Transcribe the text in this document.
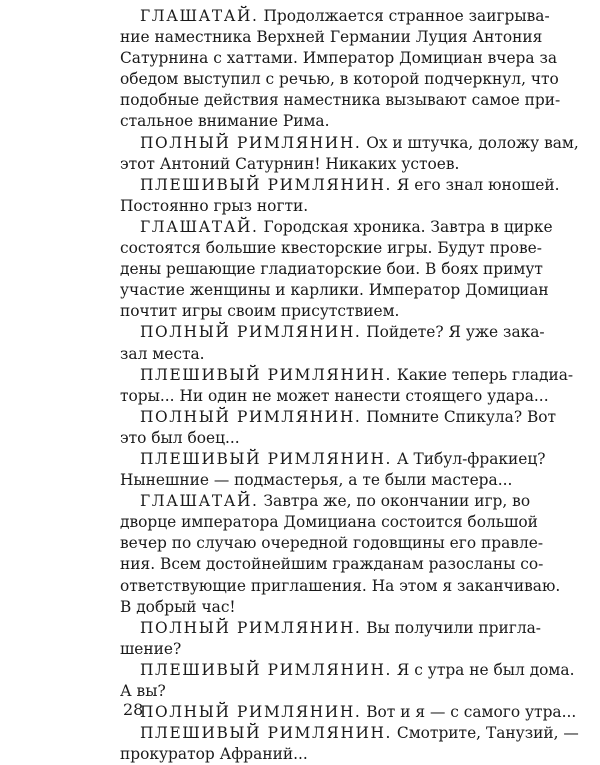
ГЛАШАТАЙ. Продолжается странное заигрыва-
ние наместника Верхней Германии Луция Антония
Сатурнина с хаттами. Император Домициан вчера за
обедом выступил с речью, в которой подчеркнул, что
подобные действия наместника вызывают самое при-
стальное внимание Рима.
ПОЛНЫЙ РИМЛЯНИН. Ох и штучка, доложу вам,
этот Антоний Сатурнин! Никаких устоев.
ПЛЕШИВЫЙ РИМЛЯНИН. Я его знал юношей.
Постоянно грыз ногти.
ГЛАШАТАЙ. Городская хроника. Завтра в цирке
состоятся большие квесторские игры. Будут прове-
дены решающие гладиаторские бои. В боях примут
участие женщины и карлики. Император Домициан
почтит игры своим присутствием.
ПОЛНЫЙ РИМЛЯНИН. Пойдете? Я уже зака-
зал места.
ПЛЕШИВЫЙ РИМЛЯНИН. Какие теперь гладиа-
торы... Ни один не может нанести стоящего удара...
ПОЛНЫЙ РИМЛЯНИН. Помните Спикула? Вот
это был боец...
ПЛЕШИВЫЙ РИМЛЯНИН. А Тибул-фракиец?
Нынешние — подмастерья, а те были мастера...
ГЛАШАТАЙ. Завтра же, по окончании игр, во
дворце императора Домициана состоится большой
вечер по случаю очередной годовщины его правле-
ния. Всем достойнейшим гражданам разосланы со-
ответствующие приглашения. На этом я заканчиваю.
В добрый час!
ПОЛНЫЙ РИМЛЯНИН. Вы получили пригла-
шение?
ПЛЕШИВЫЙ РИМЛЯНИН. Я с утра не был дома.
А вы?
ПОЛНЫЙ РИМЛЯНИН. Вот и я — с самого утра...
ПЛЕШИВЫЙ РИМЛЯНИН. Смотрите, Танузий, —
прокуратор Афраний...
28
